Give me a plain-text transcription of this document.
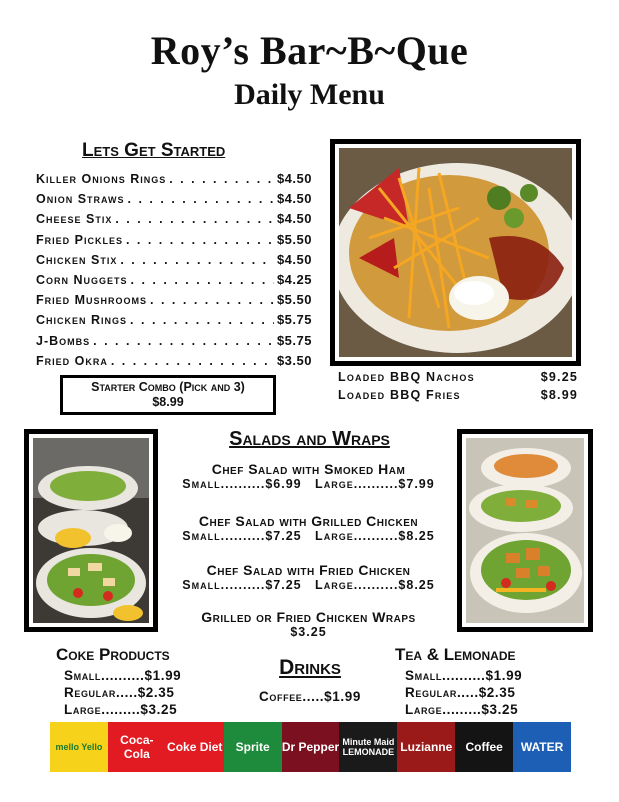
Roy’s Bar~B~Que
Daily Menu
Lets Get Started
Killer Onions Rings . . .	$4.50
Onion Straws . . .	$4.50
Cheese Stix . . .	$4.50
Fried Pickles . . .	$5.50
Chicken Stix . . .	$4.50
Corn Nuggets . . .	$4.25
Fried Mushrooms . . .	$5.50
Chicken Rings . . .	$5.75
J-Bombs . . .	$5.75
Fried Okra . . .	$3.50
Starter Combo (Pick and 3)
$8.99
Loaded BBQ Nachos	$9.25
Loaded BBQ Fries	$8.99
Salads and Wraps
Chef Salad with Smoked Ham
Small..........$6.99   Large..........$7.99
Chef Salad with Grilled Chicken
Small..........$7.25   Large..........$8.25
Chef Salad with Fried Chicken
Small..........$7.25   Large..........$8.25
Grilled or Fried Chicken Wraps
$3.25
Coke Products
Small..........$1.99
Regular.....$2.35
Large.........$3.25
Drinks
Coffee.....$1.99
Tea & Lemonade
Small..........$1.99
Regular.....$2.35
Large.........$3.25
mello Yello	Coca-Cola	Coke Diet	Sprite	Dr Pepper Minute Maid LEMONADE Luzianne	Coffee	WATER
